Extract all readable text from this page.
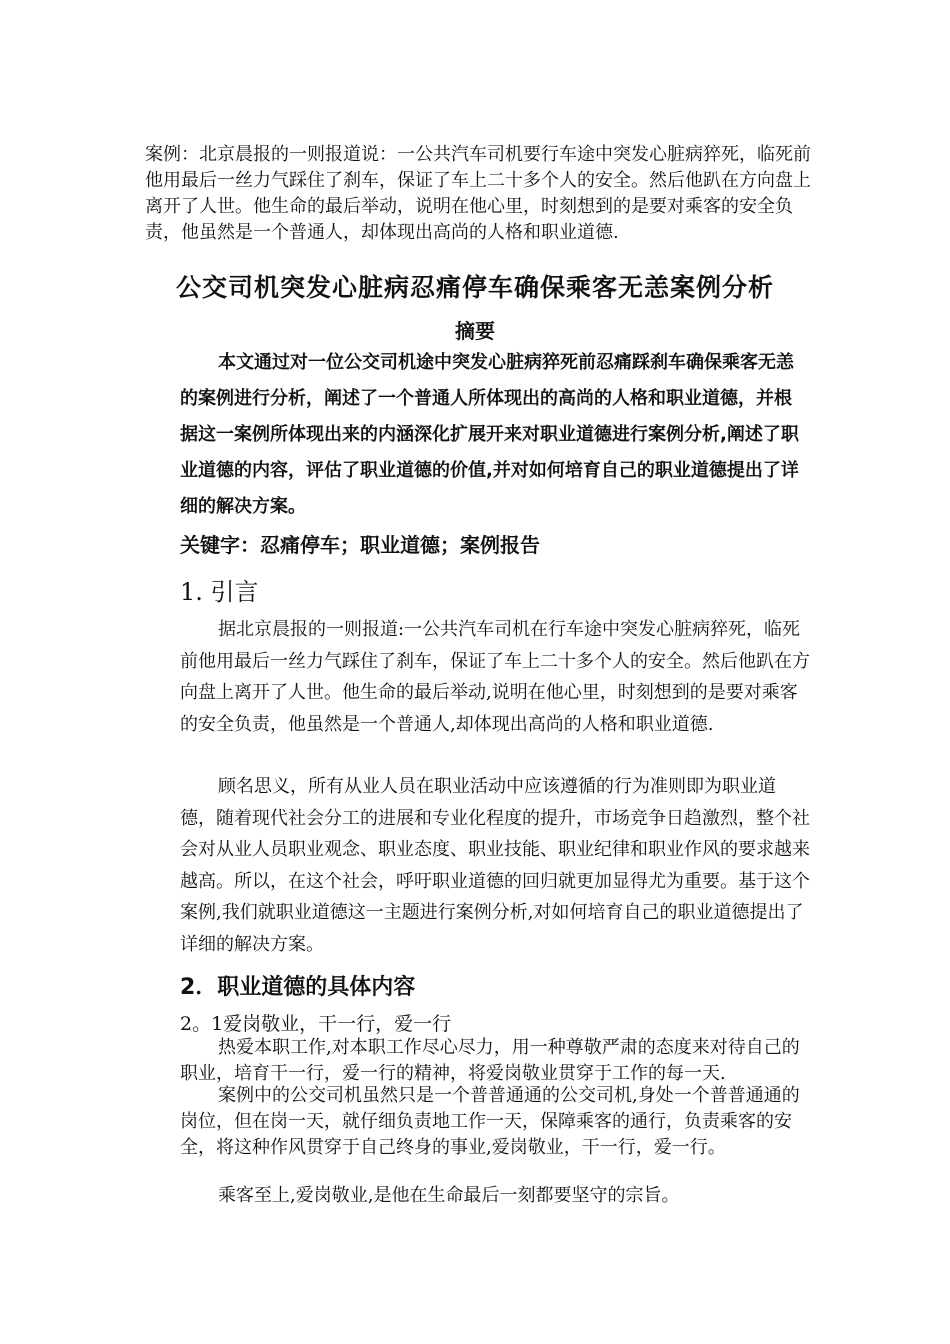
案例：北京晨报的一则报道说：一公共汽车司机要行车途中突发心脏病猝死，临死前他用最后一丝力气踩住了刹车，保证了车上二十多个人的安全。然后他趴在方向盘上离开了人世。他生命的最后举动，说明在他心里，时刻想到的是要对乘客的安全负责，他虽然是一个普通人，却体现出高尚的人格和职业道德.
公交司机突发心脏病忍痛停车确保乘客无恙案例分析
摘要
本文通过对一位公交司机途中突发心脏病猝死前忍痛踩刹车确保乘客无恙的案例进行分析，阐述了一个普通人所体现出的高尚的人格和职业道德，并根据这一案例所体现出来的内涵深化扩展开来对职业道德进行案例分析,阐述了职业道德的内容，评估了职业道德的价值,并对如何培育自己的职业道德提出了详细的解决方案。
关键字：忍痛停车；职业道德；案例报告
1. 引言
据北京晨报的一则报道:一公共汽车司机在行车途中突发心脏病猝死，临死前他用最后一丝力气踩住了刹车，保证了车上二十多个人的安全。然后他趴在方向盘上离开了人世。他生命的最后举动,说明在他心里，时刻想到的是要对乘客的安全负责，他虽然是一个普通人,却体现出高尚的人格和职业道德.
顾名思义，所有从业人员在职业活动中应该遵循的行为准则即为职业道德，随着现代社会分工的进展和专业化程度的提升，市场竞争日趋激烈，整个社会对从业人员职业观念、职业态度、职业技能、职业纪律和职业作风的要求越来越高。所以，在这个社会，呼吁职业道德的回归就更加显得尤为重要。基于这个案例,我们就职业道德这一主题进行案例分析,对如何培育自己的职业道德提出了详细的解决方案。
2．职业道德的具体内容
2。1爱岗敬业，干一行，爱一行
热爱本职工作,对本职工作尽心尽力，用一种尊敬严肃的态度来对待自己的职业，培育干一行，爱一行的精神，将爱岗敬业贯穿于工作的每一天.
案例中的公交司机虽然只是一个普普通通的公交司机,身处一个普普通通的岗位，但在岗一天，就仔细负责地工作一天，保障乘客的通行，负责乘客的安全，将这种作风贯穿于自己终身的事业,爱岗敬业，干一行，爱一行。
乘客至上,爱岗敬业,是他在生命最后一刻都要坚守的宗旨。
